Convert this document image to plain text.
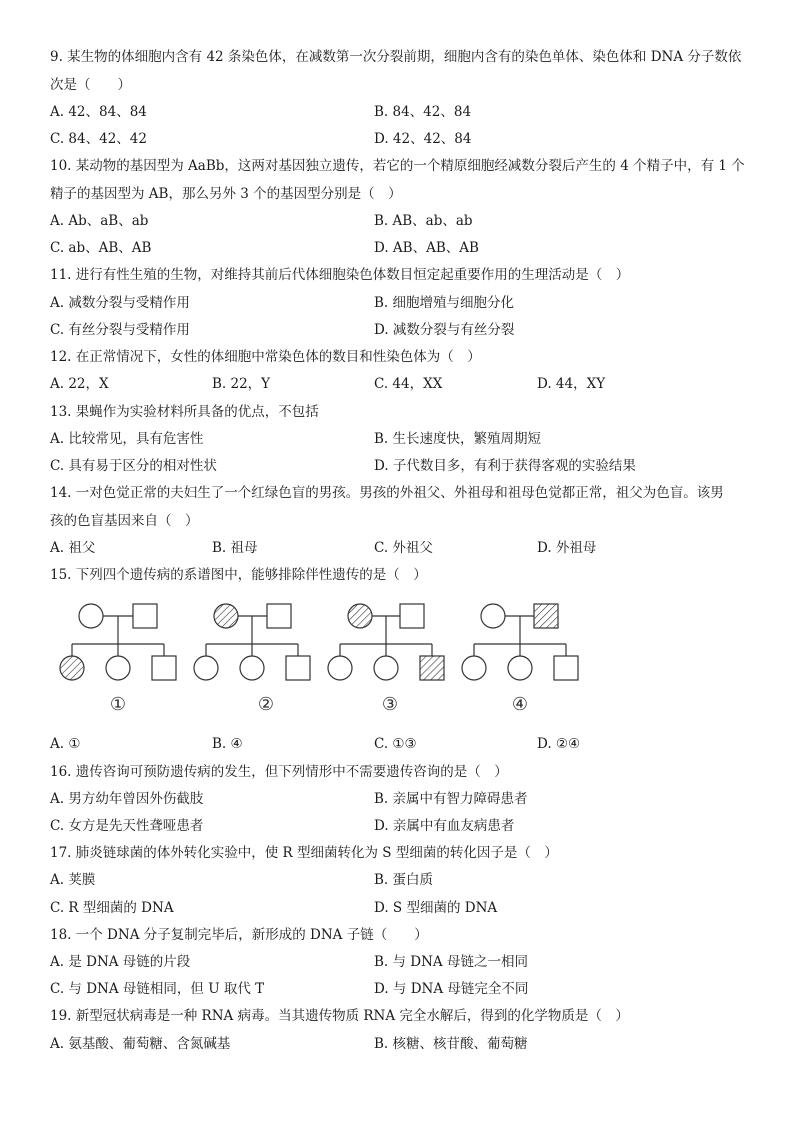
9. 某生物的体细胞内含有 42 条染色体，在减数第一次分裂前期，细胞内含有的染色单体、染色体和 DNA 分子数依
次是（　　）
A. 42、84、84	B. 84、42、84
C. 84、42、42	D. 42、42、84
10. 某动物的基因型为 AaBb，这两对基因独立遗传，若它的一个精原细胞经减数分裂后产生的 4 个精子中，有 1 个
精子的基因型为 AB，那么另外 3 个的基因型分别是（　）
A. Ab、aB、ab	B. AB、ab、ab
C. ab、AB、AB	D. AB、AB、AB
11. 进行有性生殖的生物，对维持其前后代体细胞染色体数目恒定起重要作用的生理活动是（　）
A. 减数分裂与受精作用	B. 细胞增殖与细胞分化
C. 有丝分裂与受精作用	D. 减数分裂与有丝分裂
12. 在正常情况下，女性的体细胞中常染色体的数目和性染色体为（　）
A. 22，X	B. 22，Y	C. 44，XX	D. 44，XY
13. 果蝇作为实验材料所具备的优点，不包括
A. 比较常见，具有危害性	B. 生长速度快，繁殖周期短
C. 具有易于区分的相对性状	D. 子代数目多，有利于获得客观的实验结果
14. 一对色觉正常的夫妇生了一个红绿色盲的男孩。男孩的外祖父、外祖母和祖母色觉都正常，祖父为色盲。该男
孩的色盲基因来自（　）
A. 祖父	B. 祖母	C. 外祖父	D. 外祖母
15. 下列四个遗传病的系谱图中，能够排除伴性遗传的是（　）
①	②	③	④
A. ①	B. ④	C. ①③	D. ②④
16. 遗传咨询可预防遗传病的发生，但下列情形中不需要遗传咨询的是（　）
A. 男方幼年曾因外伤截肢	B. 亲属中有智力障碍患者
C. 女方是先天性聋哑患者	D. 亲属中有血友病患者
17. 肺炎链球菌的体外转化实验中，使 R 型细菌转化为 S 型细菌的转化因子是（　）
A. 荚膜	B. 蛋白质
C. R 型细菌的 DNA	D. S 型细菌的 DNA
18. 一个 DNA 分子复制完毕后，新形成的 DNA 子链（　　）
A. 是 DNA 母链的片段	B. 与 DNA 母链之一相同
C. 与 DNA 母链相同，但 U 取代 T	D. 与 DNA 母链完全不同
19. 新型冠状病毒是一种 RNA 病毒。当其遗传物质 RNA 完全水解后，得到的化学物质是（　）
A. 氨基酸、葡萄糖、含氮碱基	B. 核糖、核苷酸、葡萄糖
